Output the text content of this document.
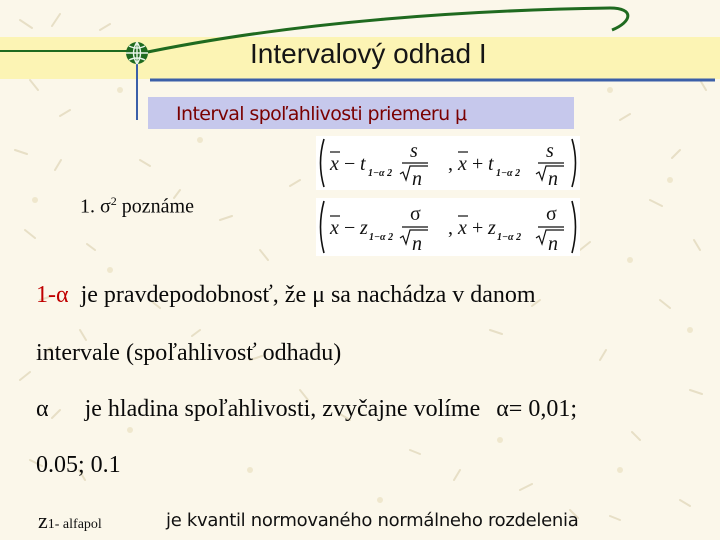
Intervalový odhad I
Interval spoľahlivosti priemeru μ
x − t 1−α 2
s
n
, x + t 1−α 2
s
n
1. $\sigma^2$ poznáme
x − z 1−α 2
σ
n
, x + z 1−α 2
σ
n
1-α je pravdepodobnosť, že μ sa nachádza v danom
intervale (spoľahlivosť odhadu)
α je hladina spoľahlivosti, zvyčajne volíme α= 0,01;
0.05; 0.1
z1- alfapol	je kvantil normovaného normálneho rozdelenia
